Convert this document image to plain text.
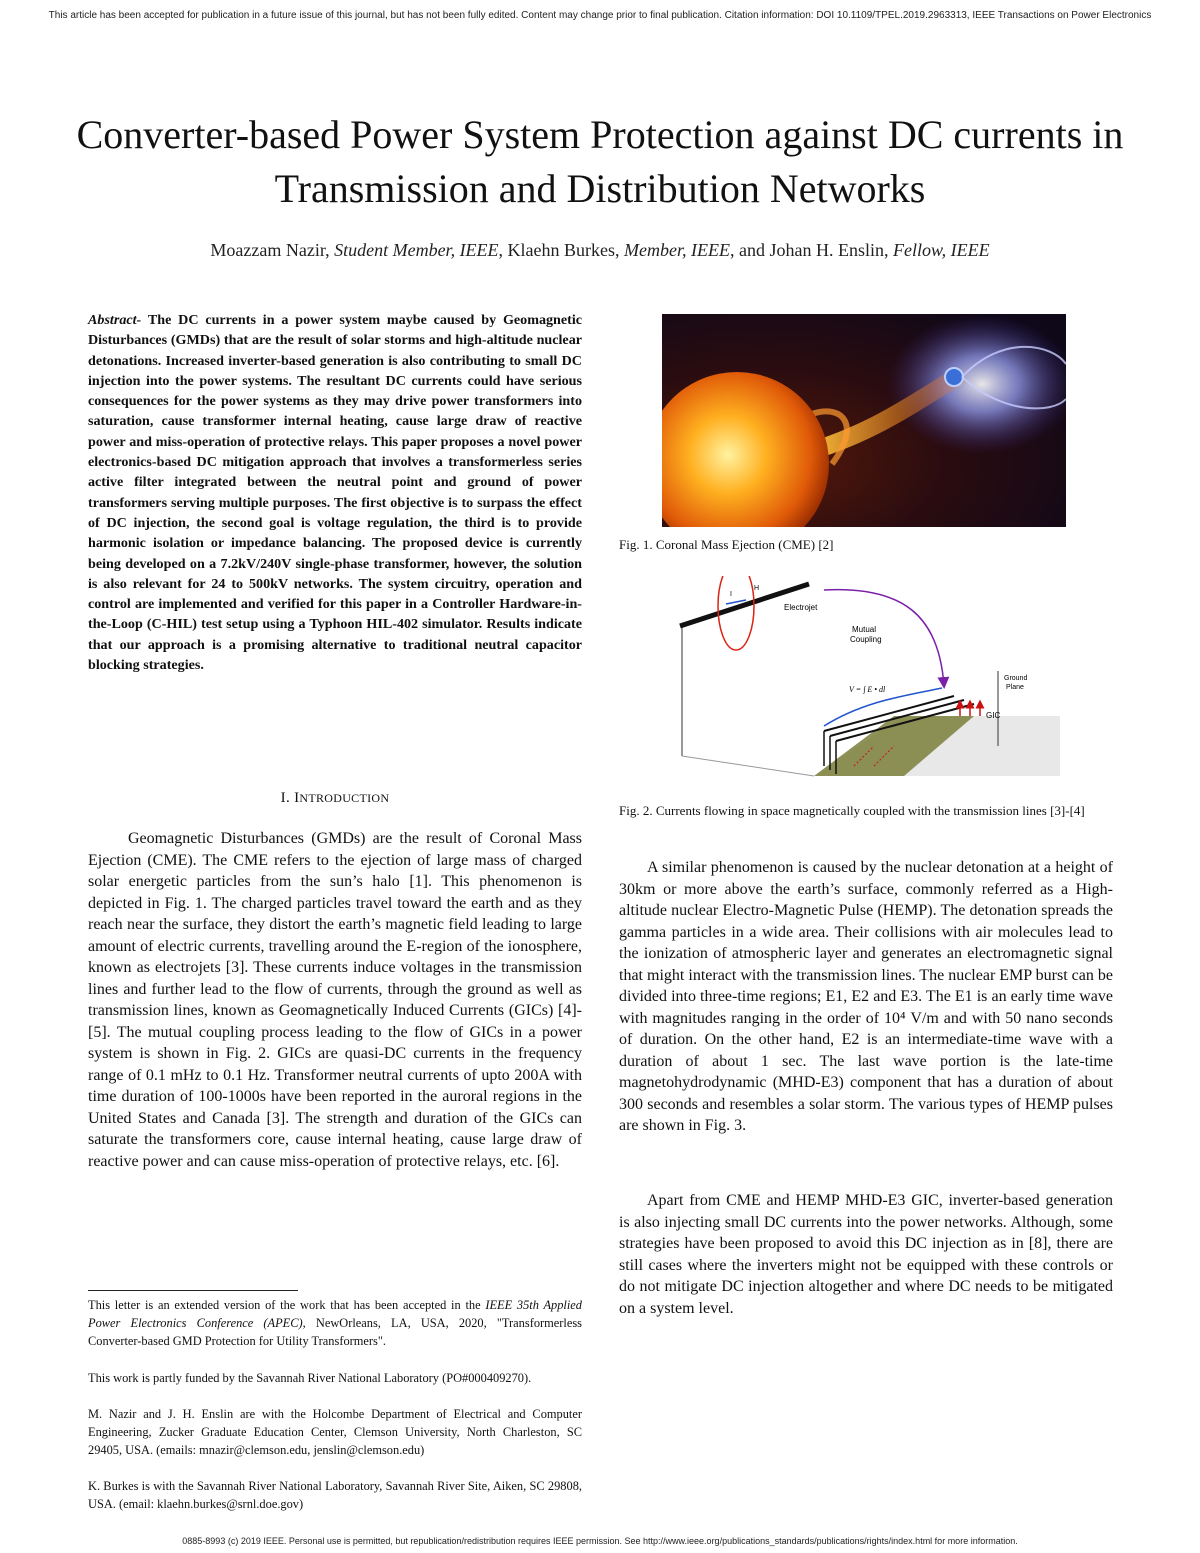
This article has been accepted for publication in a future issue of this journal, but has not been fully edited. Content may change prior to final publication. Citation information: DOI 10.1109/TPEL.2019.2963313, IEEE Transactions on Power Electronics
Converter-based Power System Protection against DC currents in Transmission and Distribution Networks
Moazzam Nazir, Student Member, IEEE, Klaehn Burkes, Member, IEEE, and Johan H. Enslin, Fellow, IEEE
Abstract- The DC currents in a power system maybe caused by Geomagnetic Disturbances (GMDs) that are the result of solar storms and high-altitude nuclear detonations. Increased inverter-based generation is also contributing to small DC injection into the power systems. The resultant DC currents could have serious consequences for the power systems as they may drive power transformers into saturation, cause transformer internal heating, cause large draw of reactive power and miss-operation of protective relays. This paper proposes a novel power electronics-based DC mitigation approach that involves a transformerless series active filter integrated between the neutral point and ground of power transformers serving multiple purposes. The first objective is to surpass the effect of DC injection, the second goal is voltage regulation, the third is to provide harmonic isolation or impedance balancing. The proposed device is currently being developed on a 7.2kV/240V single-phase transformer, however, the solution is also relevant for 24 to 500kV networks. The system circuitry, operation and control are implemented and verified for this paper in a Controller Hardware-in-the-Loop (C-HIL) test setup using a Typhoon HIL-402 simulator. Results indicate that our approach is a promising alternative to traditional neutral capacitor blocking strategies.
I. INTRODUCTION
Geomagnetic Disturbances (GMDs) are the result of Coronal Mass Ejection (CME). The CME refers to the ejection of large mass of charged solar energetic particles from the sun’s halo [1]. This phenomenon is depicted in Fig. 1. The charged particles travel toward the earth and as they reach near the surface, they distort the earth’s magnetic field leading to large amount of electric currents, travelling around the E-region of the ionosphere, known as electrojets [3]. These currents induce voltages in the transmission lines and further lead to the flow of currents, through the ground as well as transmission lines, known as Geomagnetically Induced Currents (GICs) [4]-[5]. The mutual coupling process leading to the flow of GICs in a power system is shown in Fig. 2. GICs are quasi-DC currents in the frequency range of 0.1 mHz to 0.1 Hz. Transformer neutral currents of upto 200A with time duration of 100-1000s have been reported in the auroral regions in the United States and Canada [3]. The strength and duration of the GICs can saturate the transformers core, cause internal heating, cause large draw of reactive power and can cause miss-operation of protective relays, etc. [6].
This letter is an extended version of the work that has been accepted in the IEEE 35th Applied Power Electronics Conference (APEC), NewOrleans, LA, USA, 2020, "Transformerless Converter-based GMD Protection for Utility Transformers".
This work is partly funded by the Savannah River National Laboratory (PO#000409270).
M. Nazir and J. H. Enslin are with the Holcombe Department of Electrical and Computer Engineering, Zucker Graduate Education Center, Clemson University, North Charleston, SC 29405, USA. (emails: mnazir@clemson.edu, jenslin@clemson.edu)
K. Burkes is with the Savannah River National Laboratory, Savannah River Site, Aiken, SC 29808, USA. (email: klaehn.burkes@srnl.doe.gov)
Fig. 1. Coronal Mass Ejection (CME) [2]
H
I
Electrojet
Mutual
Coupling
Ground
Plane
V = ∫ E • dl
GIC
Fig. 2. Currents flowing in space magnetically coupled with the transmission lines [3]-[4]
A similar phenomenon is caused by the nuclear detonation at a height of 30km or more above the earth’s surface, commonly referred as a High-altitude nuclear Electro-Magnetic Pulse (HEMP). The detonation spreads the gamma particles in a wide area. Their collisions with air molecules lead to the ionization of atmospheric layer and generates an electromagnetic signal that might interact with the transmission lines. The nuclear EMP burst can be divided into three-time regions; E1, E2 and E3. The E1 is an early time wave with magnitudes ranging in the order of 10⁴ V/m and with 50 nano seconds of duration. On the other hand, E2 is an intermediate-time wave with a duration of about 1 sec. The last wave portion is the late-time magnetohydrodynamic (MHD-E3) component that has a duration of about 300 seconds and resembles a solar storm. The various types of HEMP pulses are shown in Fig. 3.
Apart from CME and HEMP MHD-E3 GIC, inverter-based generation is also injecting small DC currents into the power networks. Although, some strategies have been proposed to avoid this DC injection as in [8], there are still cases where the inverters might not be equipped with these controls or do not mitigate DC injection altogether and where DC needs to be mitigated on a system level.
0885-8993 (c) 2019 IEEE. Personal use is permitted, but republication/redistribution requires IEEE permission. See http://www.ieee.org/publications_standards/publications/rights/index.html for more information.
